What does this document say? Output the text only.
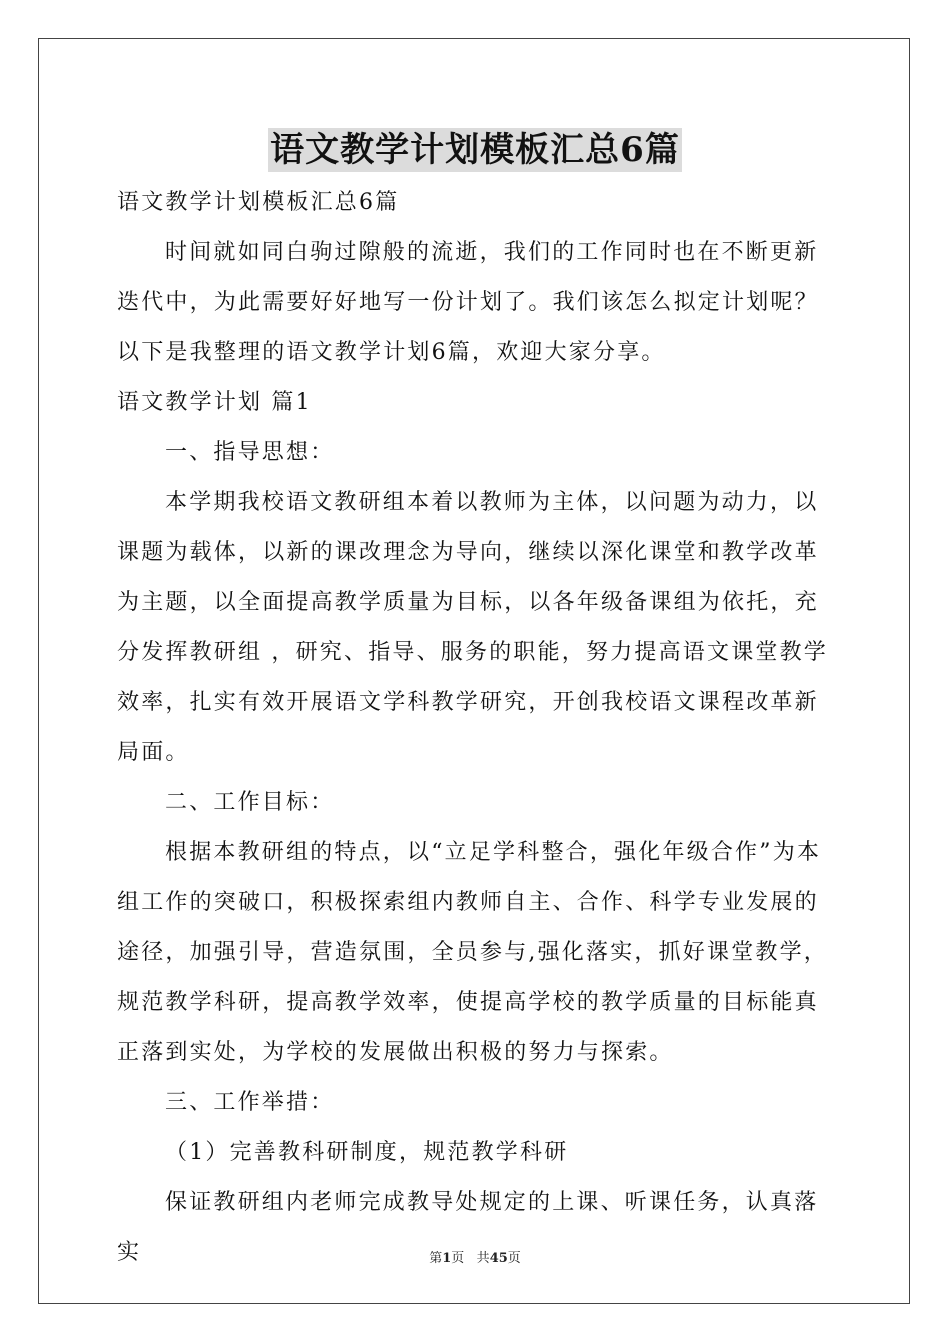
语文教学计划模板汇总6篇

语文教学计划模板汇总6篇

时间就如同白驹过隙般的流逝，我们的工作同时也在不断更新迭代中，为此需要好好地写一份计划了。我们该怎么拟定计划呢？以下是我整理的语文教学计划6篇，欢迎大家分享。

语文教学计划 篇1

一、指导思想：

本学期我校语文教研组本着以教师为主体，以问题为动力，以课题为载体，以新的课改理念为导向，继续以深化课堂和教学改革为主题，以全面提高教学质量为目标，以各年级备课组为依托，充分发挥教研组 ，研究、指导、服务的职能，努力提高语文课堂教学效率，扎实有效开展语文学科教学研究，开创我校语文课程改革新局面。

二、工作目标：

根据本教研组的特点，以“立足学科整合，强化年级合作”为本组工作的突破口，积极探索组内教师自主、合作、科学专业发展的途径，加强引导，营造氛围，全员参与,强化落实，抓好课堂教学，规范教学科研，提高教学效率，使提高学校的教学质量的目标能真正落到实处，为学校的发展做出积极的努力与探索。

三、工作举措：

（1）完善教科研制度，规范教学科研

保证教研组内老师完成教导处规定的上课、听课任务，认真落实	第1页 共45页
